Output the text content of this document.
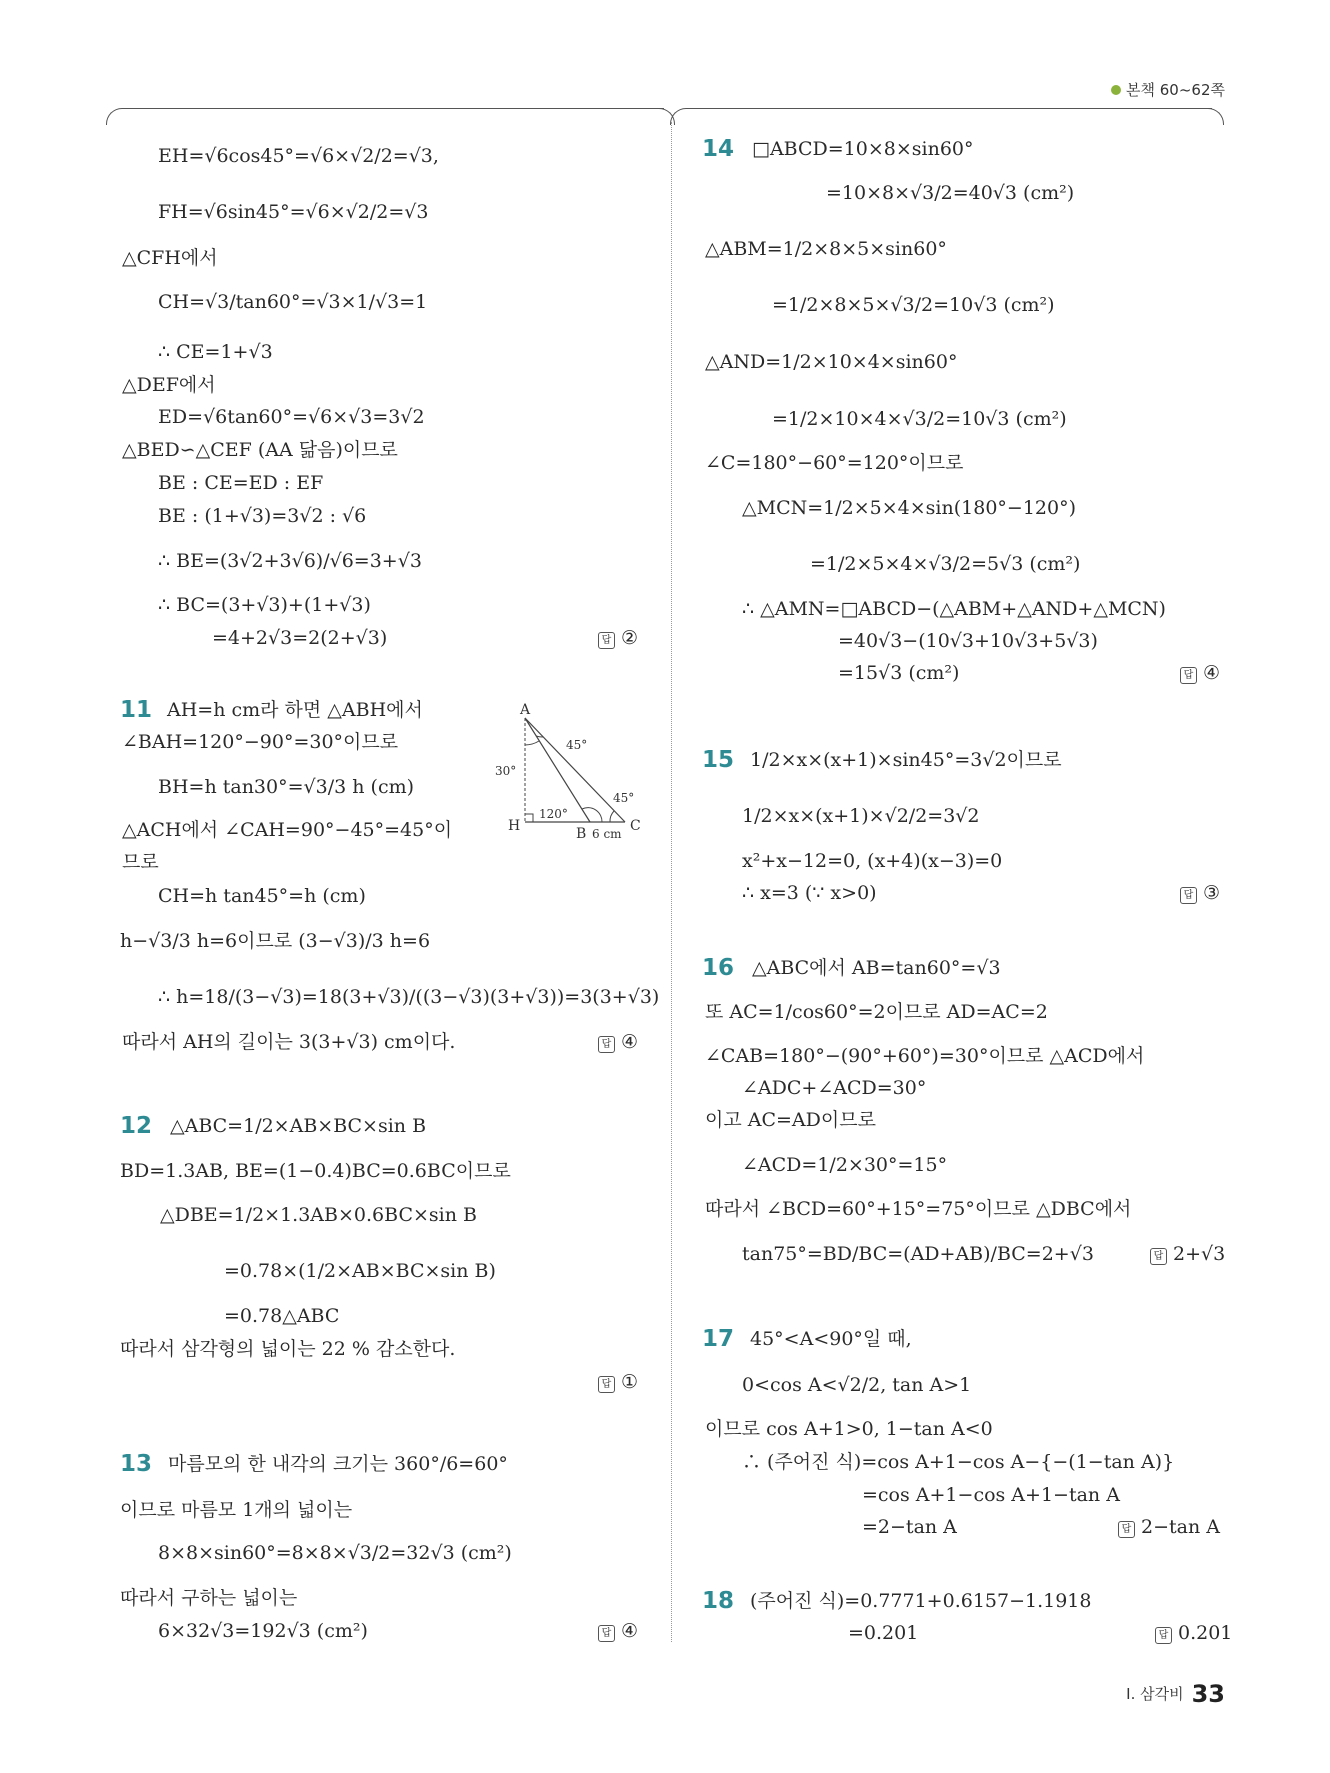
본책 60~62쪽
EH=√6cos45°=√6×√2/2=√3,
FH=√6sin45°=√6×√2/2=√3
△CFH에서
CH=√3/tan60°=√3×1/√3=1
∴ CE=1+√3
△DEF에서
ED=√6tan60°=√6×√3=3√2
△BED∽△CEF (AA 닮음)이므로
BE : CE=ED : EF
BE : (1+√3)=3√2 : √6
∴ BE=(3√2+3√6)/√6=3+√3
∴ BC=(3+√3)+(1+√3)
=4+2√3=2(2+√3)	답 ②
11 AH=h cm라 하면 △ABH에서
∠BAH=120°−90°=30°이므로
BH=h tan30°=√3/3 h (cm)
△ACH에서 ∠CAH=90°−45°=45°이
므로
CH=h tan45°=h (cm)
h−√3/3 h=6이므로 (3−√3)/3 h=6
∴ h=18/(3−√3)=18(3+√3)/((3−√3)(3+√3))=3(3+√3)
따라서 AH의 길이는 3(3+√3) cm이다.	답 ④
A
H	B	C
30°
45°
45°
120°
6 cm
12 △ABC=1/2×AB×BC×sin B
BD=1.3AB, BE=(1−0.4)BC=0.6BC이므로
△DBE=1/2×1.3AB×0.6BC×sin B
=0.78×(1/2×AB×BC×sin B)
=0.78△ABC
따라서 삼각형의 넓이는 22 % 감소한다.
답 ①
13 마름모의 한 내각의 크기는 360°/6=60°
이므로 마름모 1개의 넓이는
8×8×sin60°=8×8×√3/2=32√3 (cm²)
따라서 구하는 넓이는
6×32√3=192√3 (cm²)	답 ④
14 □ABCD=10×8×sin60°
=10×8×√3/2=40√3 (cm²)
△ABM=1/2×8×5×sin60°
=1/2×8×5×√3/2=10√3 (cm²)
△AND=1/2×10×4×sin60°
=1/2×10×4×√3/2=10√3 (cm²)
∠C=180°−60°=120°이므로
△MCN=1/2×5×4×sin(180°−120°)
=1/2×5×4×√3/2=5√3 (cm²)
∴ △AMN=□ABCD−(△ABM+△AND+△MCN)
=40√3−(10√3+10√3+5√3)
=15√3 (cm²)	답 ④
15 1/2×x×(x+1)×sin45°=3√2이므로
1/2×x×(x+1)×√2/2=3√2
x²+x−12=0, (x+4)(x−3)=0
∴ x=3 (∵ x>0)	답 ③
16 △ABC에서 AB=tan60°=√3
또 AC=1/cos60°=2이므로 AD=AC=2
∠CAB=180°−(90°+60°)=30°이므로 △ACD에서
∠ADC+∠ACD=30°
이고 AC=AD이므로
∠ACD=1/2×30°=15°
따라서 ∠BCD=60°+15°=75°이므로 △DBC에서
tan75°=BD/BC=(AD+AB)/BC=2+√3	답 2+√3
17 45°<A<90°일 때,
0<cos A<√2/2, tan A>1
이므로 cos A+1>0, 1−tan A<0
∴ (주어진 식)=cos A+1−cos A−{−(1−tan A)}
=cos A+1−cos A+1−tan A
=2−tan A	답 2−tan A
18 (주어진 식)=0.7771+0.6157−1.1918
=0.201	답 0.201
Ⅰ. 삼각비 33
